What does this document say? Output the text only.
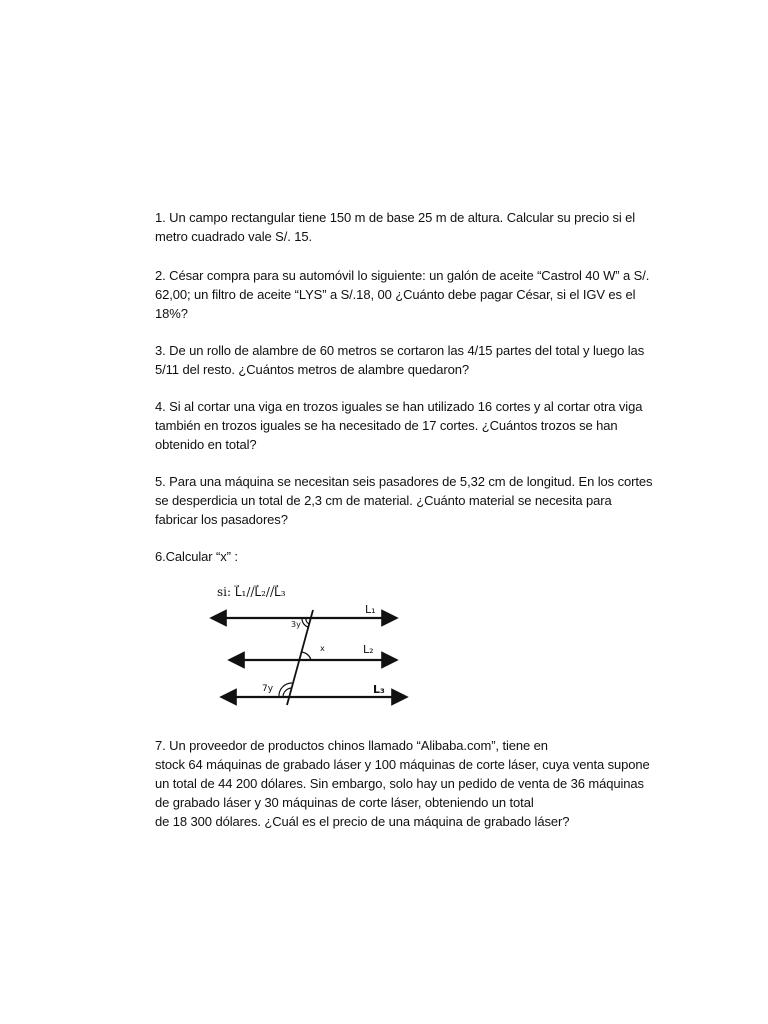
1. Un campo rectangular tiene 150 m de base 25 m de altura. Calcular su precio si el
metro cuadrado vale S/. 15.

2. César compra para su automóvil lo siguiente: un galón de aceite “Castrol 40 W” a S/.
62,00; un filtro de aceite “LYS” a S/.18, 00 ¿Cuánto debe pagar César, si el IGV es el
18%?

3. De un rollo de alambre de 60 metros se cortaron las 4/15 partes del total y luego las
5/11 del resto. ¿Cuántos metros de alambre quedaron?

4. Si al cortar una viga en trozos iguales se han utilizado 16 cortes y al cortar otra viga
también en trozos iguales se ha necesitado de 17 cortes. ¿Cuántos trozos se han
obtenido en total?

5. Para una máquina se necesitan seis pasadores de 5,32 cm de longitud. En los cortes
se desperdicia un total de 2,3 cm de material. ¿Cuánto material se necesita para
fabricar los pasadores?

6.Calcular “x” :

L₁
L₂
L₃
3y
x
7y
si: L⃗₁//L⃗₂//L⃗₃

7. Un proveedor de productos chinos llamado “Alibaba.com”, tiene en
stock 64 máquinas de grabado láser y 100 máquinas de corte láser, cuya venta supone
un total de 44 200 dólares. Sin embargo, solo hay un pedido de venta de 36 máquinas
de grabado láser y 30 máquinas de corte láser, obteniendo un total
de 18 300 dólares. ¿Cuál es el precio de una máquina de grabado láser?
